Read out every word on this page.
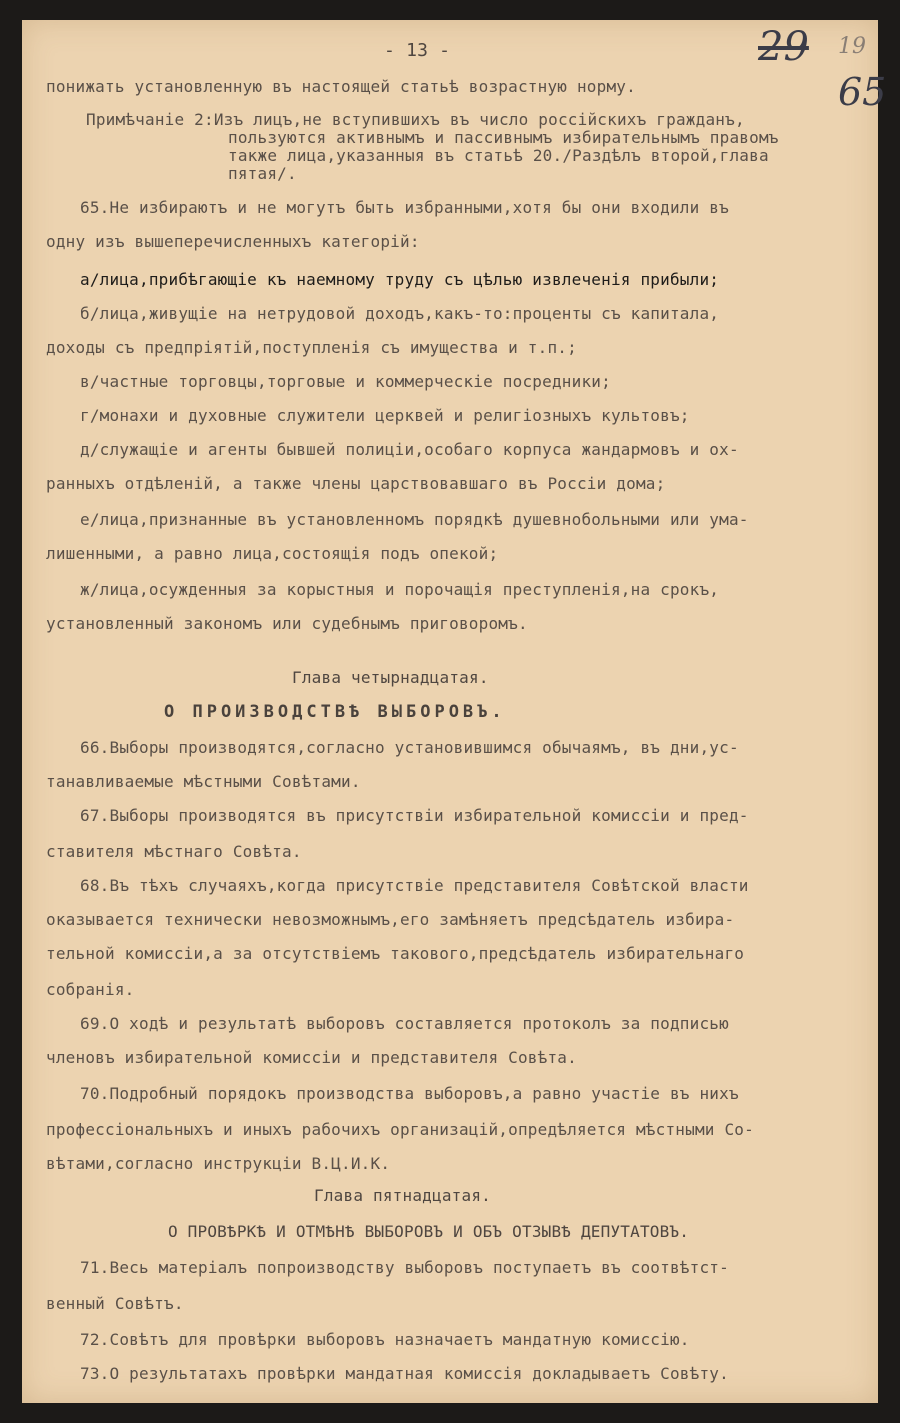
- 13 -	29 19
65
понижать установленную въ настоящей статьѣ возрастную норму.
Примѣчаніе 2:Изъ лицъ,не вступившихъ въ число россійскихъ гражданъ,
пользуются активнымъ и пассивнымъ избирательнымъ правомъ
также лица,указанныя въ статьѣ 20./Раздѣлъ второй,глава
пятая/.
65.Не избираютъ и не могутъ быть избранными,хотя бы они входили въ
одну изъ вышеперечисленныхъ категорій:
а/лица,прибѣгающіе къ наемному труду съ цѣлью извлеченія прибыли;
б/лица,живущіе на нетрудовой доходъ,какъ-то:проценты съ капитала,
доходы съ предпріятій,поступленія съ имущества и т.п.;
в/частные торговцы,торговые и коммерческіе посредники;
г/монахи и духовные служители церквей и религіозныхъ культовъ;
д/служащіе и агенты бывшей полиціи,особаго корпуса жандармовъ и ох-
ранныхъ отдѣленій, а также члены царствовавшаго въ Россіи дома;
е/лица,признанные въ установленномъ порядкѣ душевнобольными или ума-
лишенными, а равно лица,состоящія подъ опекой;
ж/лица,осужденныя за корыстныя и порочащія преступленія,на срокъ,
установленный закономъ или судебнымъ приговоромъ.
Глава четырнадцатая.
О ПРОИЗВОДСТВѢ ВЫБОРОВЪ.
66.Выборы производятся,согласно установившимся обычаямъ, въ дни,ус-
танавливаемые мѣстными Совѣтами.
67.Выборы производятся въ присутствіи избирательной комиссіи и пред-
ставителя мѣстнаго Совѣта.
68.Въ тѣхъ случаяхъ,когда присутствіе представителя Совѣтской власти
оказывается технически невозможнымъ,его замѣняетъ предсѣдатель избира-
тельной комиссіи,а за отсутствіемъ такового,предсѣдатель избирательнаго
собранія.
69.О ходѣ и результатѣ выборовъ составляется протоколъ за подписью
членовъ избирательной комиссіи и представителя Совѣта.
70.Подробный порядокъ производства выборовъ,а равно участіе въ нихъ
профессіональныхъ и иныхъ рабочихъ организацій,опредѣляется мѣстными Со-
вѣтами,согласно инструкціи В.Ц.И.К.
Глава пятнадцатая.
О ПРОВѢРКѢ И ОТМѢНѢ ВЫБОРОВЪ И ОБЪ ОТЗЫВѢ ДЕПУТАТОВЪ.
71.Весь матеріалъ попроизводству выборовъ поступаетъ въ соотвѣтст-
венный Совѣтъ.
72.Совѣтъ для провѣрки выборовъ назначаетъ мандатную комиссію.
73.О результатахъ провѣрки мандатная комиссія докладываетъ Совѣту.
